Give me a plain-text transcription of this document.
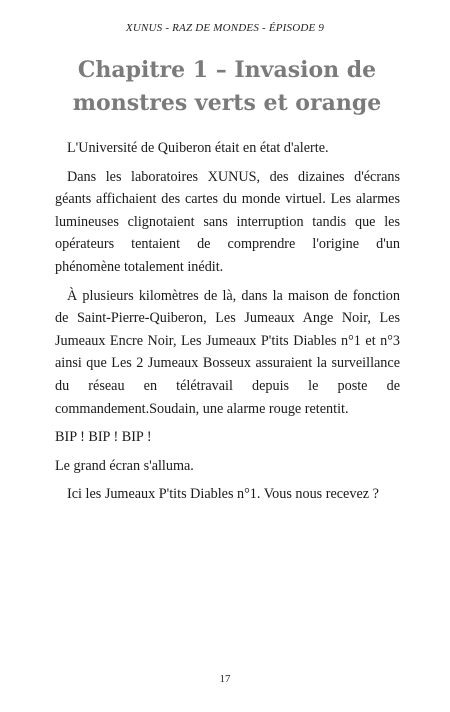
XUNUS - RAZ DE MONDES - ÉPISODE 9
Chapitre 1 – Invasion de monstres verts et orange

L'Université de Quiberon était en état d'alerte.

Dans les laboratoires XUNUS, des dizaines d'écrans géants affichaient des cartes du monde virtuel. Les alarmes lumineuses clignotaient sans interruption tandis que les opérateurs tentaient de comprendre l'origine d'un phénomène totalement inédit.

À plusieurs kilomètres de là, dans la maison de fonction de Saint-Pierre-Quiberon, Les Jumeaux Ange Noir, Les Jumeaux Encre Noir, Les Jumeaux P'tits Diables n°1 et n°3 ainsi que Les 2 Jumeaux Bosseux assuraient la surveillance du réseau en télétravail depuis le poste de commandement.Soudain, une alarme rouge retentit.

BIP ! BIP ! BIP !

Le grand écran s'alluma.

Ici les Jumeaux P'tits Diables n°1. Vous nous recevez ?

17
